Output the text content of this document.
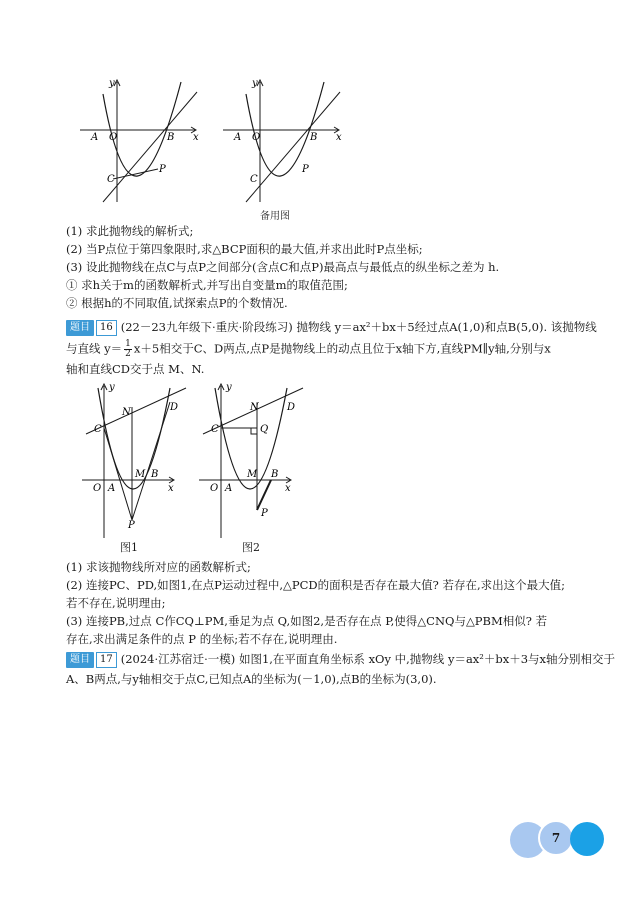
y
x
A O	B
C
P
y
x
A O	B
C
P
备用图
(1) 求此抛物线的解析式;
(2) 当P点位于第四象限时,求△BCP面积的最大值,并求出此时P点坐标;
(3) 设此抛物线在点C与点P之间部分(含点C和点P)最高点与最低点的纵坐标之差为 h.
① 求h关于m的函数解析式,并写出自变量m的取值范围;
② 根据h的不同取值,试探索点P的个数情况.
题目 16 (22－23九年级下·重庆·阶段练习) 抛物线 y＝ax²＋bx＋5经过点A(1,0)和点B(5,0). 该抛物线
与直线 $y= \frac{1}{2} x+5$相交于C、D两点,点P是抛物线上的动点且位于x轴下方,直线PM∥y轴,分别与x
轴和直线CD交于点 M、N.
y
x
O A
M B
C
N	D
P
图1
y
x
O A
M B
C
N
Q
D
P
图2
(1) 求该抛物线所对应的函数解析式;
(2) 连接PC、PD,如图1,在点P运动过程中,△PCD的面积是否存在最大值? 若存在,求出这个最大值;
若不存在,说明理由;
(3) 连接PB,过点 C作CQ⊥PM,垂足为点 Q,如图2,是否存在点 P,使得△CNQ与△PBM相似? 若
存在,求出满足条件的点 P 的坐标;若不存在,说明理由.
题目 17 (2024·江苏宿迁·一模) 如图1,在平面直角坐标系 xOy 中,抛物线 y＝ax²＋bx＋3与x轴分别相交于
A、B两点,与y轴相交于点C,已知点A的坐标为(－1,0),点B的坐标为(3,0).
7
